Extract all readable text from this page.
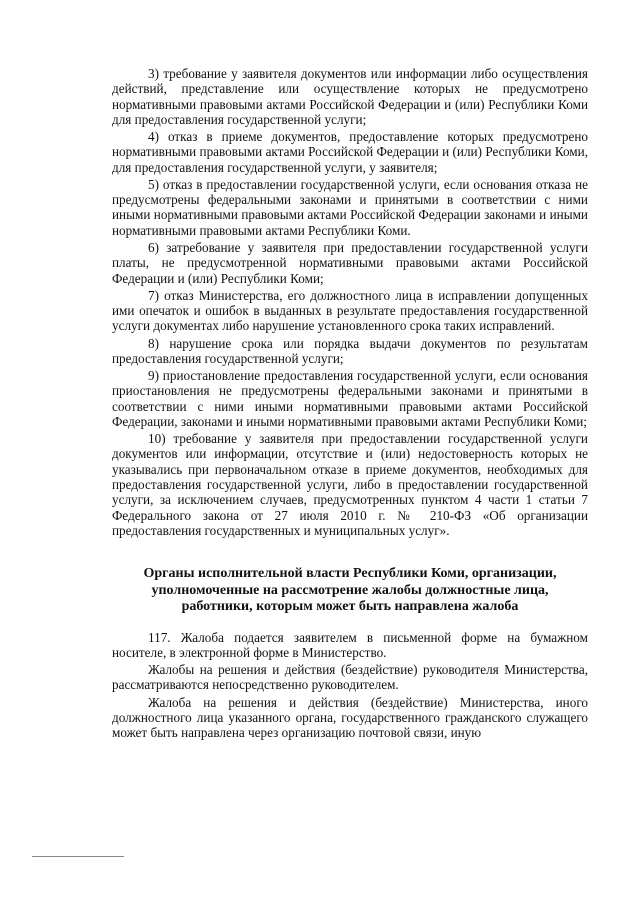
3) требование у заявителя документов или информации либо осуществления действий, представление или осуществление которых не предусмотрено нормативными правовыми актами Российской Федерации и (или) Республики Коми для предоставления государственной услуги;

4) отказ в приеме документов, предоставление которых предусмотрено нормативными правовыми актами Российской Федерации и (или) Республики Коми, для предоставления государственной услуги, у заявителя;

5) отказ в предоставлении государственной услуги, если основания отказа не предусмотрены федеральными законами и принятыми в соответствии с ними иными нормативными правовыми актами Российской Федерации законами и иными нормативными правовыми актами Республики Коми.

6) затребование у заявителя при предоставлении государственной услуги платы, не предусмотренной нормативными правовыми актами Российской Федерации и (или) Республики Коми;

7) отказ Министерства, его должностного лица в исправлении допущенных ими опечаток и ошибок в выданных в результате предоставления государственной услуги документах либо нарушение установленного срока таких исправлений.

8) нарушение срока или порядка выдачи документов по результатам предоставления государственной услуги;

9) приостановление предоставления государственной услуги, если основания приостановления не предусмотрены федеральными законами и принятыми в соответствии с ними иными нормативными правовыми актами Российской Федерации, законами и иными нормативными правовыми актами Республики Коми;

10) требование у заявителя при предоставлении государственной услуги документов или информации, отсутствие и (или) недостоверность которых не указывались при первоначальном отказе в приеме документов, необходимых для предоставления государственной услуги, либо в предоставлении государственной услуги, за исключением случаев, предусмотренных пунктом 4 части 1 статьи 7 Федерального закона от 27 июля 2010 г. № 210-ФЗ «Об организации предоставления государственных и муниципальных услуг».

Органы исполнительной власти Республики Коми, организации,
уполномоченные на рассмотрение жалобы должностные лица,
работники, которым может быть направлена жалоба

117. Жалоба подается заявителем в письменной форме на бумажном носителе, в электронной форме в Министерство.

Жалобы на решения и действия (бездействие) руководителя Министерства, рассматриваются непосредственно руководителем.

Жалоба на решения и действия (бездействие) Министерства, иного должностного лица указанного органа, государственного гражданского служащего может быть направлена через организацию почтовой связи, иную
